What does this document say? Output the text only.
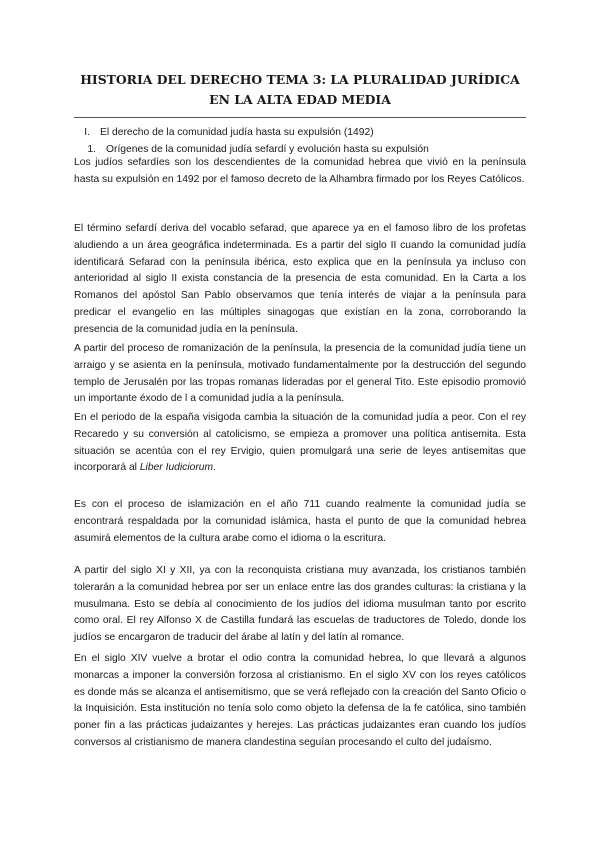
HISTORIA DEL DERECHO TEMA 3: LA PLURALIDAD JURÍDICA EN LA ALTA EDAD MEDIA
I. El derecho de la comunidad judía hasta su expulsión (1492)
1. Orígenes de la comunidad judía sefardí y evolución hasta su expulsión

Los judíos sefardíes son los descendientes de la comunidad hebrea que vivió en la península hasta su expulsión en 1492 por el famoso decreto de la Alhambra firmado por los Reyes Católicos.

El término sefardí deriva del vocablo sefarad, que aparece ya en el famoso libro de los profetas aludiendo a un área geográfica indeterminada. Es a partir del siglo II cuando la comunidad judía identificará Sefarad con la península ibérica, esto explica que en la península ya incluso con anterioridad al siglo II exista constancia de la presencia de esta comunidad. En la Carta a los Romanos del apóstol San Pablo observamos que tenía interés de viajar a la península para predicar el evangelio en las múltiples sinagogas que existían en la zona, corroborando la presencia de la comunidad judía en la península.

A partir del proceso de romanización de la península, la presencia de la comunidad judía tiene un arraigo y se asienta en la península, motivado fundamentalmente por la destrucción del segundo templo de Jerusalén por las tropas romanas lideradas por el general Tito. Este episodio promovió un importante éxodo de l a comunidad judía a la península.

En el periodo de la españa visigoda cambia la situación de la comunidad judía a peor. Con el rey Recaredo y su conversión al catolicismo, se empieza a promover una política antisemita. Esta situación se acentúa con el rey Ervigio, quien promulgará una serie de leyes antisemitas que incorporará al Liber Iudiciorum.

Es con el proceso de islamización en el año 711 cuando realmente la comunidad judía se encontrará respaldada por la comunidad islámica, hasta el punto de que la comunidad hebrea asumirá elementos de la cultura arabe como el idioma o la escritura.

A partir del siglo XI y XII, ya con la reconquista cristiana muy avanzada, los cristianos también tolerarán a la comunidad hebrea por ser un enlace entre las dos grandes culturas: la cristiana y la musulmana. Esto se debía al conocimiento de los judíos del idioma musulman tanto por escrito como oral. El rey Alfonso X de Castilla fundará las escuelas de traductores de Toledo, donde los judíos se encargaron de traducir del árabe al latín y del latín al romance.

En el siglo XIV vuelve a brotar el odio contra la comunidad hebrea, lo que llevará a algunos monarcas a imponer la conversión forzosa al cristianismo. En el siglo XV con los reyes católicos es donde más se alcanza el antisemitismo, que se verá reflejado con la creación del Santo Oficio o la Inquisición. Esta institución no tenía solo como objeto la defensa de la fe católica, sino también poner fin a las prácticas judaizantes y herejes. Las prácticas judaizantes eran cuando los judíos conversos al cristianismo de manera clandestina seguían procesando el culto del judaísmo.
